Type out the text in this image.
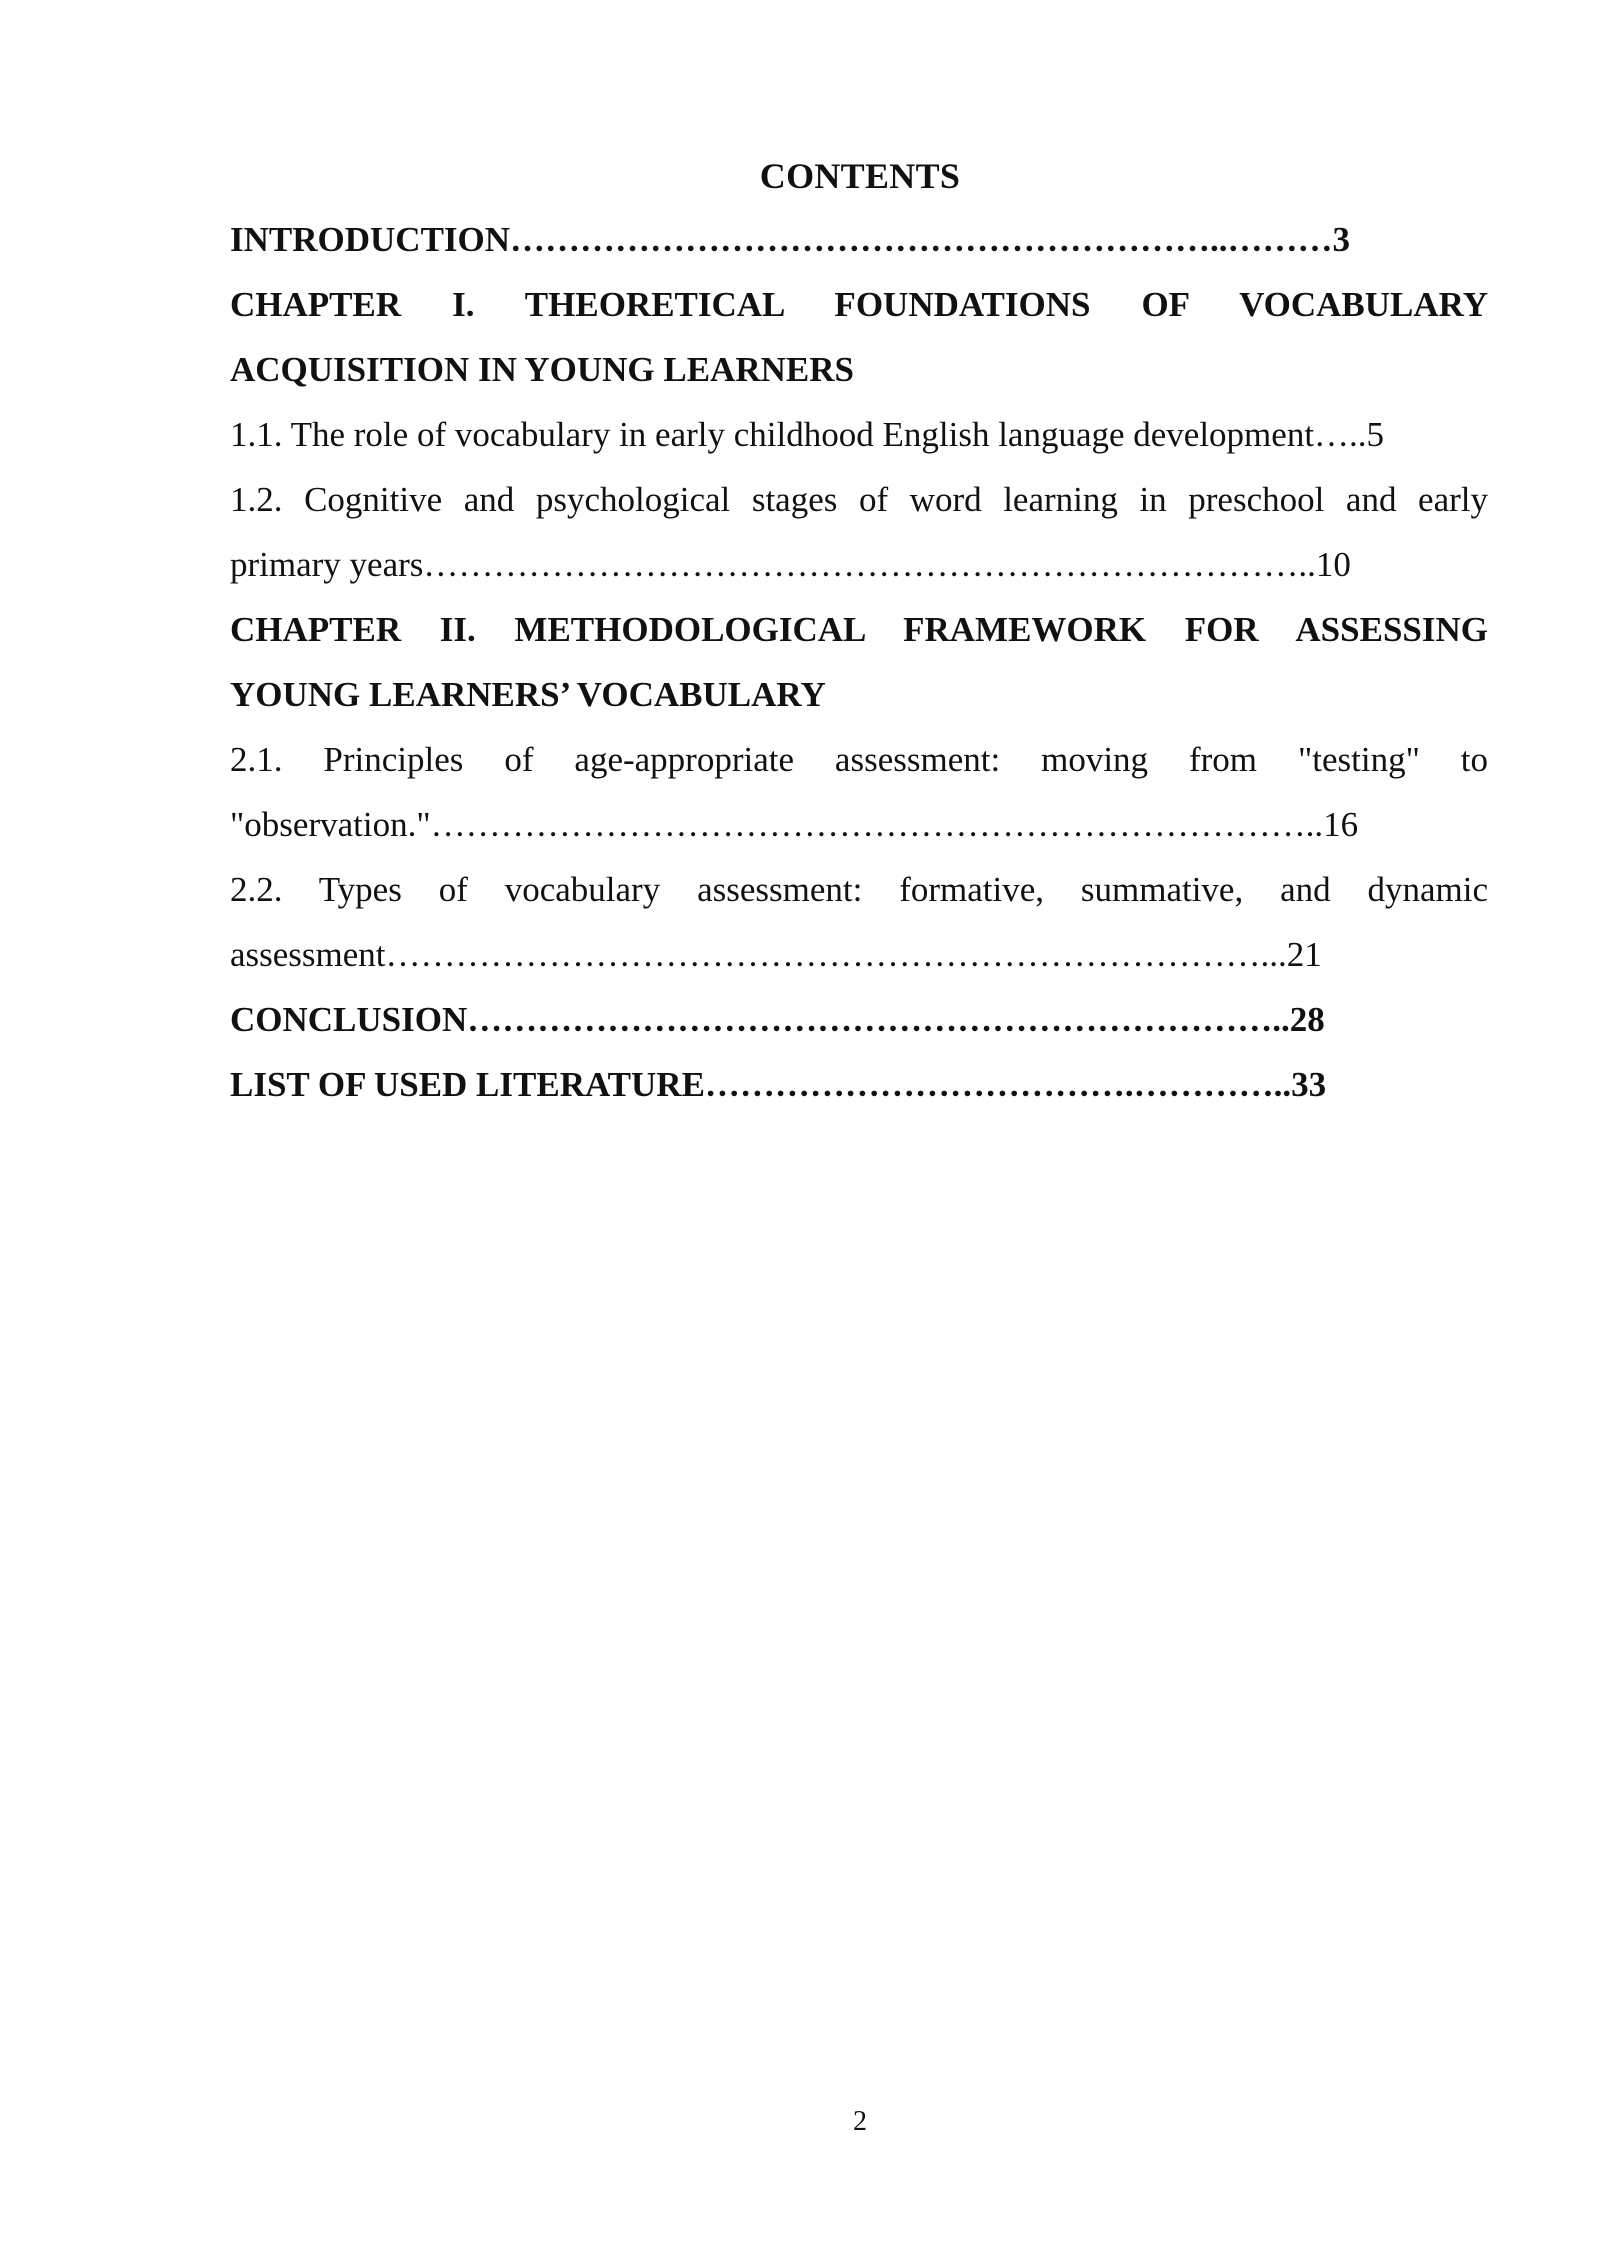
CONTENTS
INTRODUCTION……………………………………………………..………3
CHAPTER I. THEORETICAL FOUNDATIONS OF VOCABULARY
ACQUISITION IN YOUNG LEARNERS
1.1. The role of vocabulary in early childhood English language development…..5
1.2. Cognitive and psychological stages of word learning in preschool and early
primary years…………………………………………………………………..10
CHAPTER II. METHODOLOGICAL FRAMEWORK FOR ASSESSING
YOUNG LEARNERS’ VOCABULARY
2.1. Principles of age-appropriate assessment: moving from "testing" to
"observation."…………………………………………………………………..16
2.2. Types of vocabulary assessment: formative, summative, and dynamic
assessment…………………………………………………………………...21
CONCLUSION……………………………………………………………..28
LIST OF USED LITERATURE……………………………….…………..33
2
